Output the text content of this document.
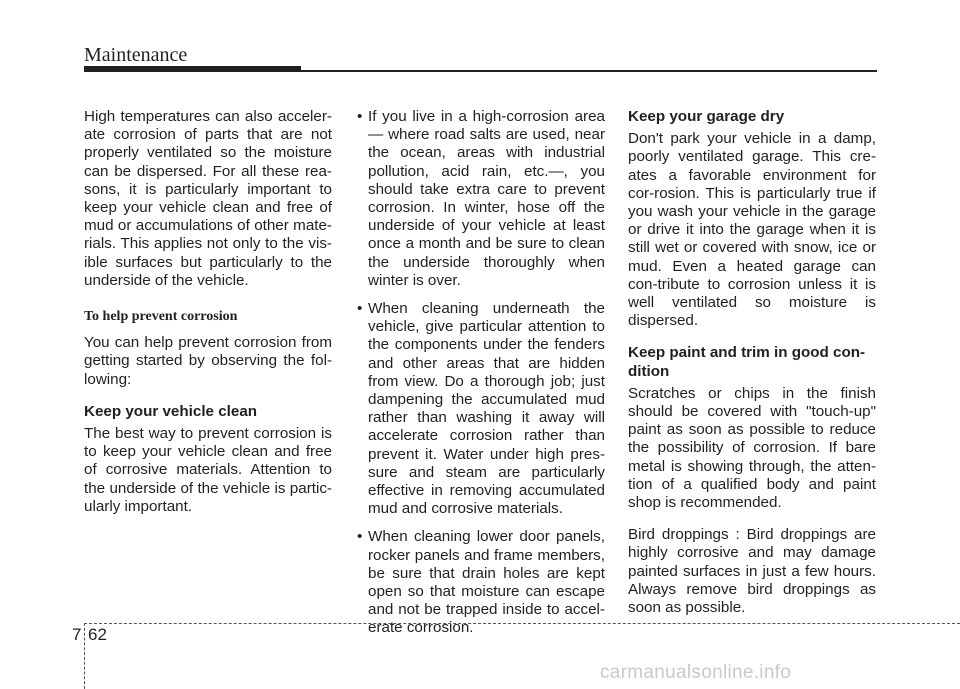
Maintenance

High temperatures can also acceler-ate corrosion of parts that are not properly ventilated so the moisture can be dispersed. For all these rea-sons, it is particularly important to keep your vehicle clean and free of mud or accumulations of other mate-rials. This applies not only to the vis-ible surfaces but particularly to the underside of the vehicle.

To help prevent corrosion

You can help prevent corrosion from getting started by observing the fol-lowing:

Keep your vehicle clean

The best way to prevent corrosion is to keep your vehicle clean and free of corrosive materials. Attention to the underside of the vehicle is partic-ularly important.

• If you live in a high-corrosion area — where road salts are used, near the ocean, areas with industrial pollution, acid rain, etc.—, you should take extra care to prevent corrosion. In winter, hose off the underside of your vehicle at least once a month and be sure to clean the underside thoroughly when winter is over.
• When cleaning underneath the vehicle, give particular attention to the components under the fenders and other areas that are hidden from view. Do a thorough job; just dampening the accumulated mud rather than washing it away will accelerate corrosion rather than prevent it. Water under high pres-sure and steam are particularly effective in removing accumulated mud and corrosive materials.
• When cleaning lower door panels, rocker panels and frame members, be sure that drain holes are kept open so that moisture can escape and not be trapped inside to accel-erate corrosion.
Keep your garage dry

Don't park your vehicle in a damp, poorly ventilated garage. This cre-ates a favorable environment for cor-rosion. This is particularly true if you wash your vehicle in the garage or drive it into the garage when it is still wet or covered with snow, ice or mud. Even a heated garage can con-tribute to corrosion unless it is well ventilated so moisture is dispersed.

Keep paint and trim in good con-dition

Scratches or chips in the finish should be covered with "touch-up" paint as soon as possible to reduce the possibility of corrosion. If bare metal is showing through, the atten-tion of a qualified body and paint shop is recommended.

Bird droppings : Bird droppings are highly corrosive and may damage painted surfaces in just a few hours. Always remove bird droppings as soon as possible.

7 62
carmanualsonline.info
